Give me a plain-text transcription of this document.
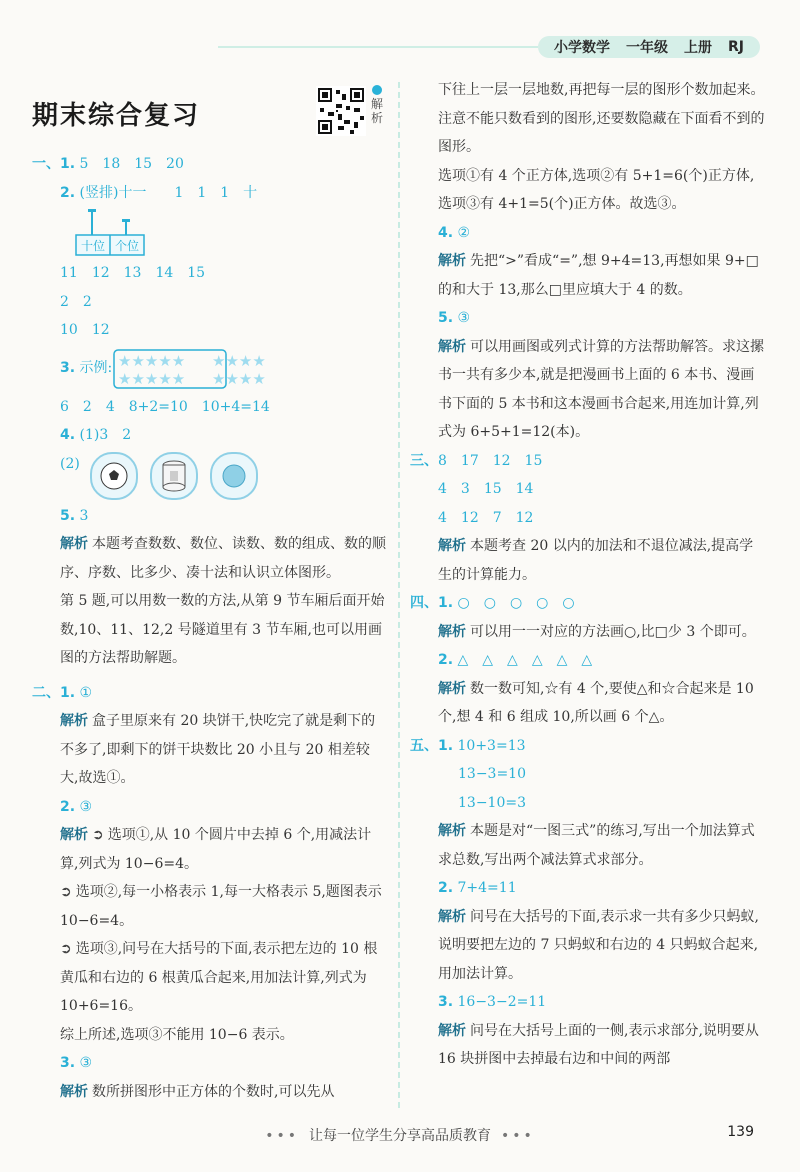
小学数学 一年级 上册 RJ
期末综合复习	解析

一、1. 5　18　15　20

2. (竖排)十一　　1　1　1　十

十位 个位

11　12　13　14　15

2　2

10　12

3.
示例: ★★★★★
★★★★★
★★★★
★★★★

6　2　4　8+2=10　10+4=14

4. (1)3　2

(2)

5. 3

解析 本题考查数数、数位、读数、数的组成、数的顺序、序数、比多少、凑十法和认识立体图形。

第 5 题,可以用数一数的方法,从第 9 节车厢后面开始数,10、11、12,2 号隧道里有 3 节车厢,也可以用画图的方法帮助解题。

二、1. ①

解析 盒子里原来有 20 块饼干,快吃完了就是剩下的不多了,即剩下的饼干块数比 20 小且与 20 相差较大,故选①。

2. ③

解析 ➲ 选项①,从 10 个圆片中去掉 6 个,用减法计算,列式为 10−6=4。

➲ 选项②,每一小格表示 1,每一大格表示 5,题图表示 10−6=4。

➲ 选项③,问号在大括号的下面,表示把左边的 10 根黄瓜和右边的 6 根黄瓜合起来,用加法计算,列式为 10+6=16。

综上所述,选项③不能用 10−6 表示。

3. ③

解析 数所拼图形中正方体的个数时,可以先从

下往上一层一层地数,再把每一层的图形个数加起来。注意不能只数看到的图形,还要数隐藏在下面看不到的图形。

选项①有 4 个正方体,选项②有 5+1=6(个)正方体,选项③有 4+1=5(个)正方体。故选③。

4. ②

解析 先把“>”看成“=”,想 9+4=13,再想如果 9+□的和大于 13,那么□里应填大于 4 的数。

5. ③

解析 可以用画图或列式计算的方法帮助解答。求这摞书一共有多少本,就是把漫画书上面的 6 本书、漫画书下面的 5 本书和这本漫画书合起来,用连加计算,列式为 6+5+1=12(本)。

三、8　17　12　15

4　3　15　14

4　12　7　12

解析 本题考查 20 以内的加法和不退位减法,提高学生的计算能力。

四、1. ○　○　○　○　○

解析 可以用一一对应的方法画○,比□少 3 个即可。

2. △　△　△　△　△　△

解析 数一数可知,☆有 4 个,要使△和☆合起来是 10 个,想 4 和 6 组成 10,所以画 6 个△。

五、1. 10+3=13

13−3=10

13−10=3

解析 本题是对“一图三式”的练习,写出一个加法算式求总数,写出两个减法算式求部分。

2. 7+4=11

解析 问号在大括号的下面,表示求一共有多少只蚂蚁,说明要把左边的 7 只蚂蚁和右边的 4 只蚂蚁合起来,用加法计算。

3. 16−3−2=11

解析 问号在大括号上面的一侧,表示求部分,说明要从 16 块拼图中去掉最右边和中间的两部

••• 让每一位学生分享高品质教育 •••	139
